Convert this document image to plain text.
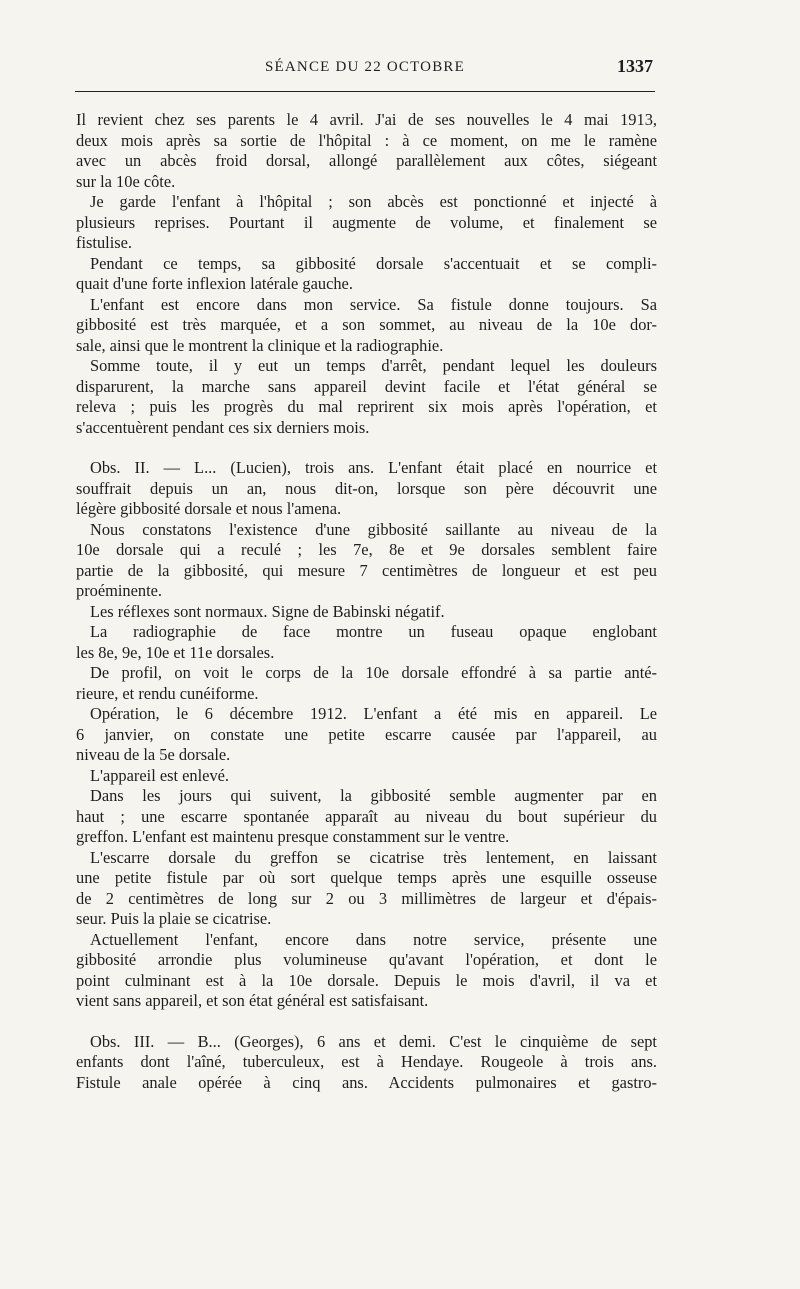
SÉANCE DU 22 OCTOBRE	1337
Il revient chez ses parents le 4 avril. J'ai de ses nouvelles le 4 mai 1913,
deux mois après sa sortie de l'hôpital : à ce moment, on me le ramène
avec un abcès froid dorsal, allongé parallèlement aux côtes, siégeant
sur la 10e côte.
Je garde l'enfant à l'hôpital ; son abcès est ponctionné et injecté à
plusieurs reprises. Pourtant il augmente de volume, et finalement se
fistulise.
Pendant ce temps, sa gibbosité dorsale s'accentuait et se compli-
quait d'une forte inflexion latérale gauche.
L'enfant est encore dans mon service. Sa fistule donne toujours. Sa
gibbosité est très marquée, et a son sommet, au niveau de la 10e dor-
sale, ainsi que le montrent la clinique et la radiographie.
Somme toute, il y eut un temps d'arrêt, pendant lequel les douleurs
disparurent, la marche sans appareil devint facile et l'état général se
releva ; puis les progrès du mal reprirent six mois après l'opération, et
s'accentuèrent pendant ces six derniers mois.
Obs. II. — L... (Lucien), trois ans. L'enfant était placé en nourrice et
souffrait depuis un an, nous dit-on, lorsque son père découvrit une
légère gibbosité dorsale et nous l'amena.
Nous constatons l'existence d'une gibbosité saillante au niveau de la
10e dorsale qui a reculé ; les 7e, 8e et 9e dorsales semblent faire
partie de la gibbosité, qui mesure 7 centimètres de longueur et est peu
proéminente.
Les réflexes sont normaux. Signe de Babinski négatif.
La radiographie de face montre un fuseau opaque englobant
les 8e, 9e, 10e et 11e dorsales.
De profil, on voit le corps de la 10e dorsale effondré à sa partie anté-
rieure, et rendu cunéiforme.
Opération, le 6 décembre 1912. L'enfant a été mis en appareil. Le
6 janvier, on constate une petite escarre causée par l'appareil, au
niveau de la 5e dorsale.
L'appareil est enlevé.
Dans les jours qui suivent, la gibbosité semble augmenter par en
haut ; une escarre spontanée apparaît au niveau du bout supérieur du
greffon. L'enfant est maintenu presque constamment sur le ventre.
L'escarre dorsale du greffon se cicatrise très lentement, en laissant
une petite fistule par où sort quelque temps après une esquille osseuse
de 2 centimètres de long sur 2 ou 3 millimètres de largeur et d'épais-
seur. Puis la plaie se cicatrise.
Actuellement l'enfant, encore dans notre service, présente une
gibbosité arrondie plus volumineuse qu'avant l'opération, et dont le
point culminant est à la 10e dorsale. Depuis le mois d'avril, il va et
vient sans appareil, et son état général est satisfaisant.
Obs. III. — B... (Georges), 6 ans et demi. C'est le cinquième de sept
enfants dont l'aîné, tuberculeux, est à Hendaye. Rougeole à trois ans.
Fistule anale opérée à cinq ans. Accidents pulmonaires et gastro-
